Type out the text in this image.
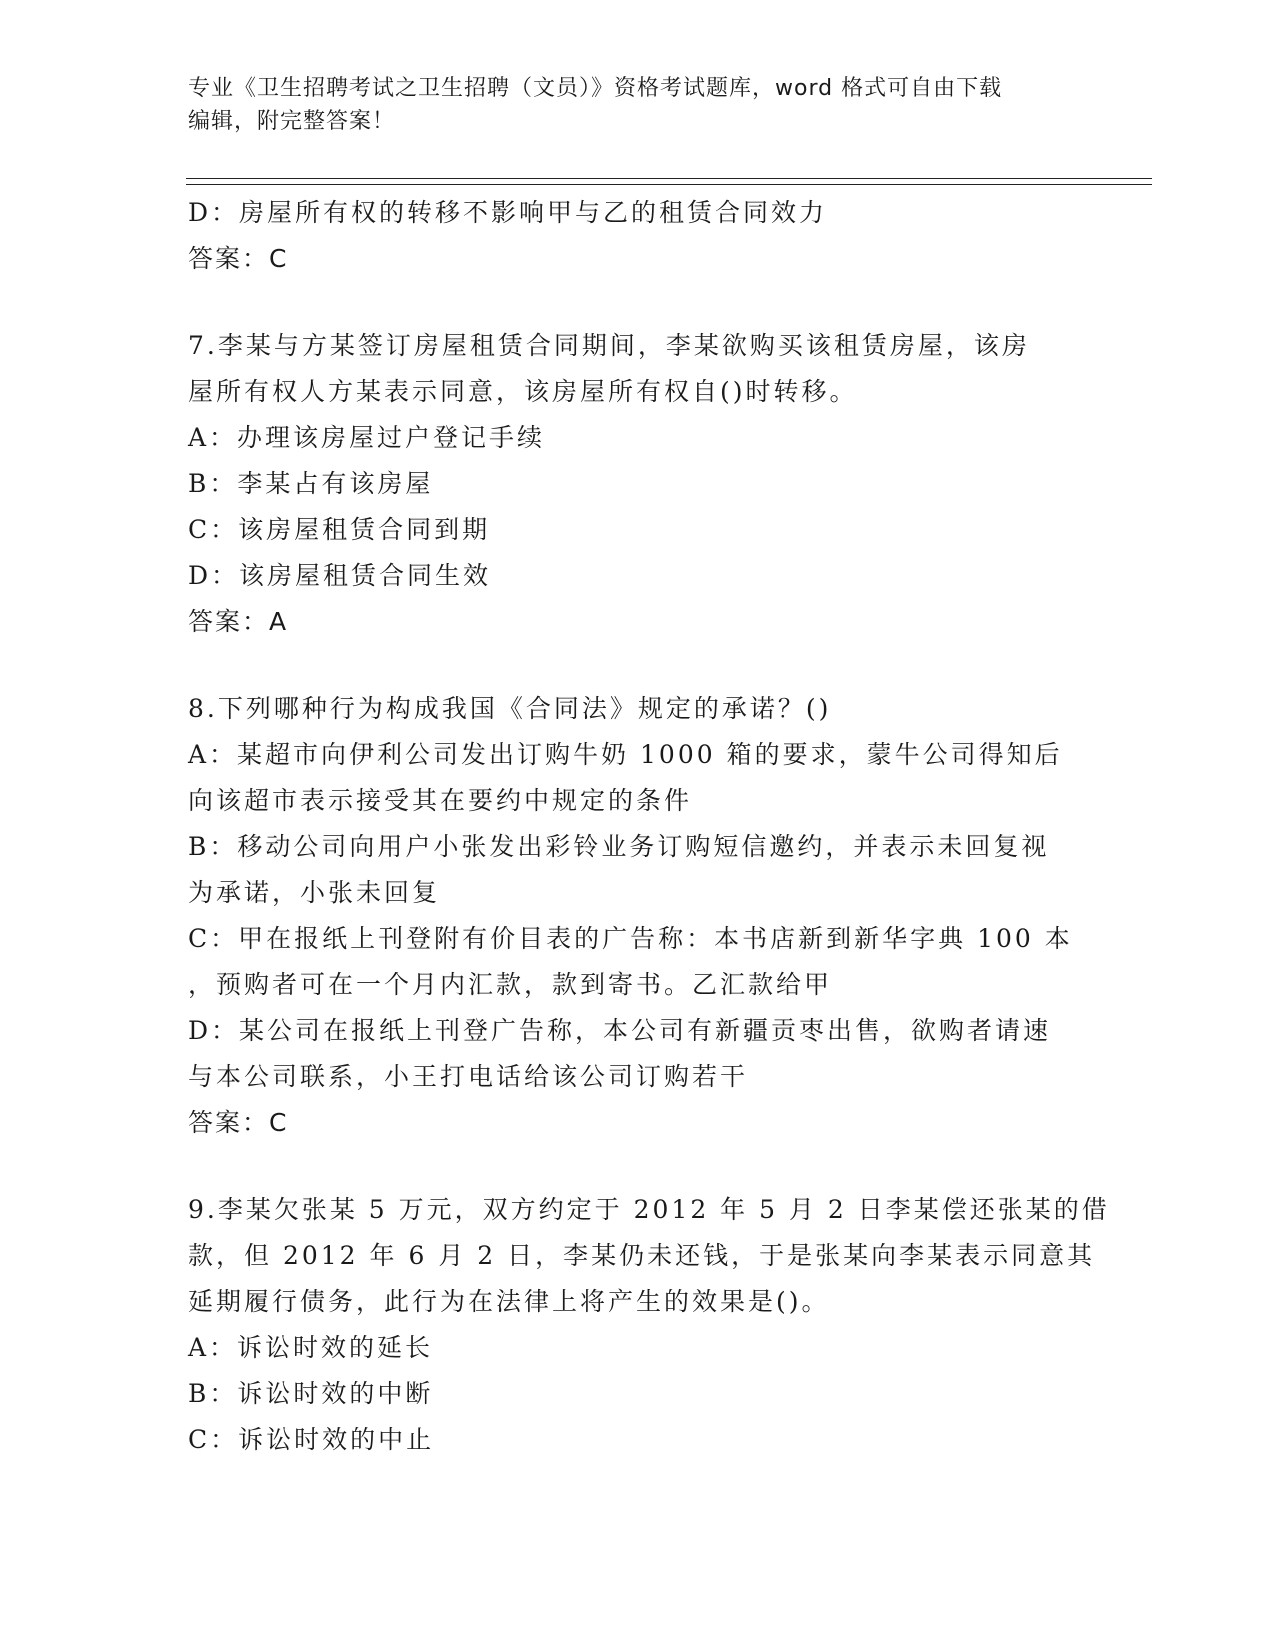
专业《卫生招聘考试之卫生招聘（文员）》资格考试题库，word 格式可自由下载
编辑，附完整答案！
D：房屋所有权的转移不影响甲与乙的租赁合同效力
答案：C
7.李某与方某签订房屋租赁合同期间，李某欲购买该租赁房屋，该房
屋所有权人方某表示同意，该房屋所有权自()时转移。
A：办理该房屋过户登记手续
B：李某占有该房屋
C：该房屋租赁合同到期
D：该房屋租赁合同生效
答案：A
8.下列哪种行为构成我国《合同法》规定的承诺？()
A：某超市向伊利公司发出订购牛奶 1000 箱的要求，蒙牛公司得知后
向该超市表示接受其在要约中规定的条件
B：移动公司向用户小张发出彩铃业务订购短信邀约，并表示未回复视
为承诺，小张未回复
C：甲在报纸上刊登附有价目表的广告称：本书店新到新华字典 100 本
，预购者可在一个月内汇款，款到寄书。乙汇款给甲
D：某公司在报纸上刊登广告称，本公司有新疆贡枣出售，欲购者请速
与本公司联系，小王打电话给该公司订购若干
答案：C
9.李某欠张某 5 万元，双方约定于 2012 年 5 月 2 日李某偿还张某的借
款，但 2012 年 6 月 2 日，李某仍未还钱，于是张某向李某表示同意其
延期履行债务，此行为在法律上将产生的效果是()。
A：诉讼时效的延长
B：诉讼时效的中断
C：诉讼时效的中止
